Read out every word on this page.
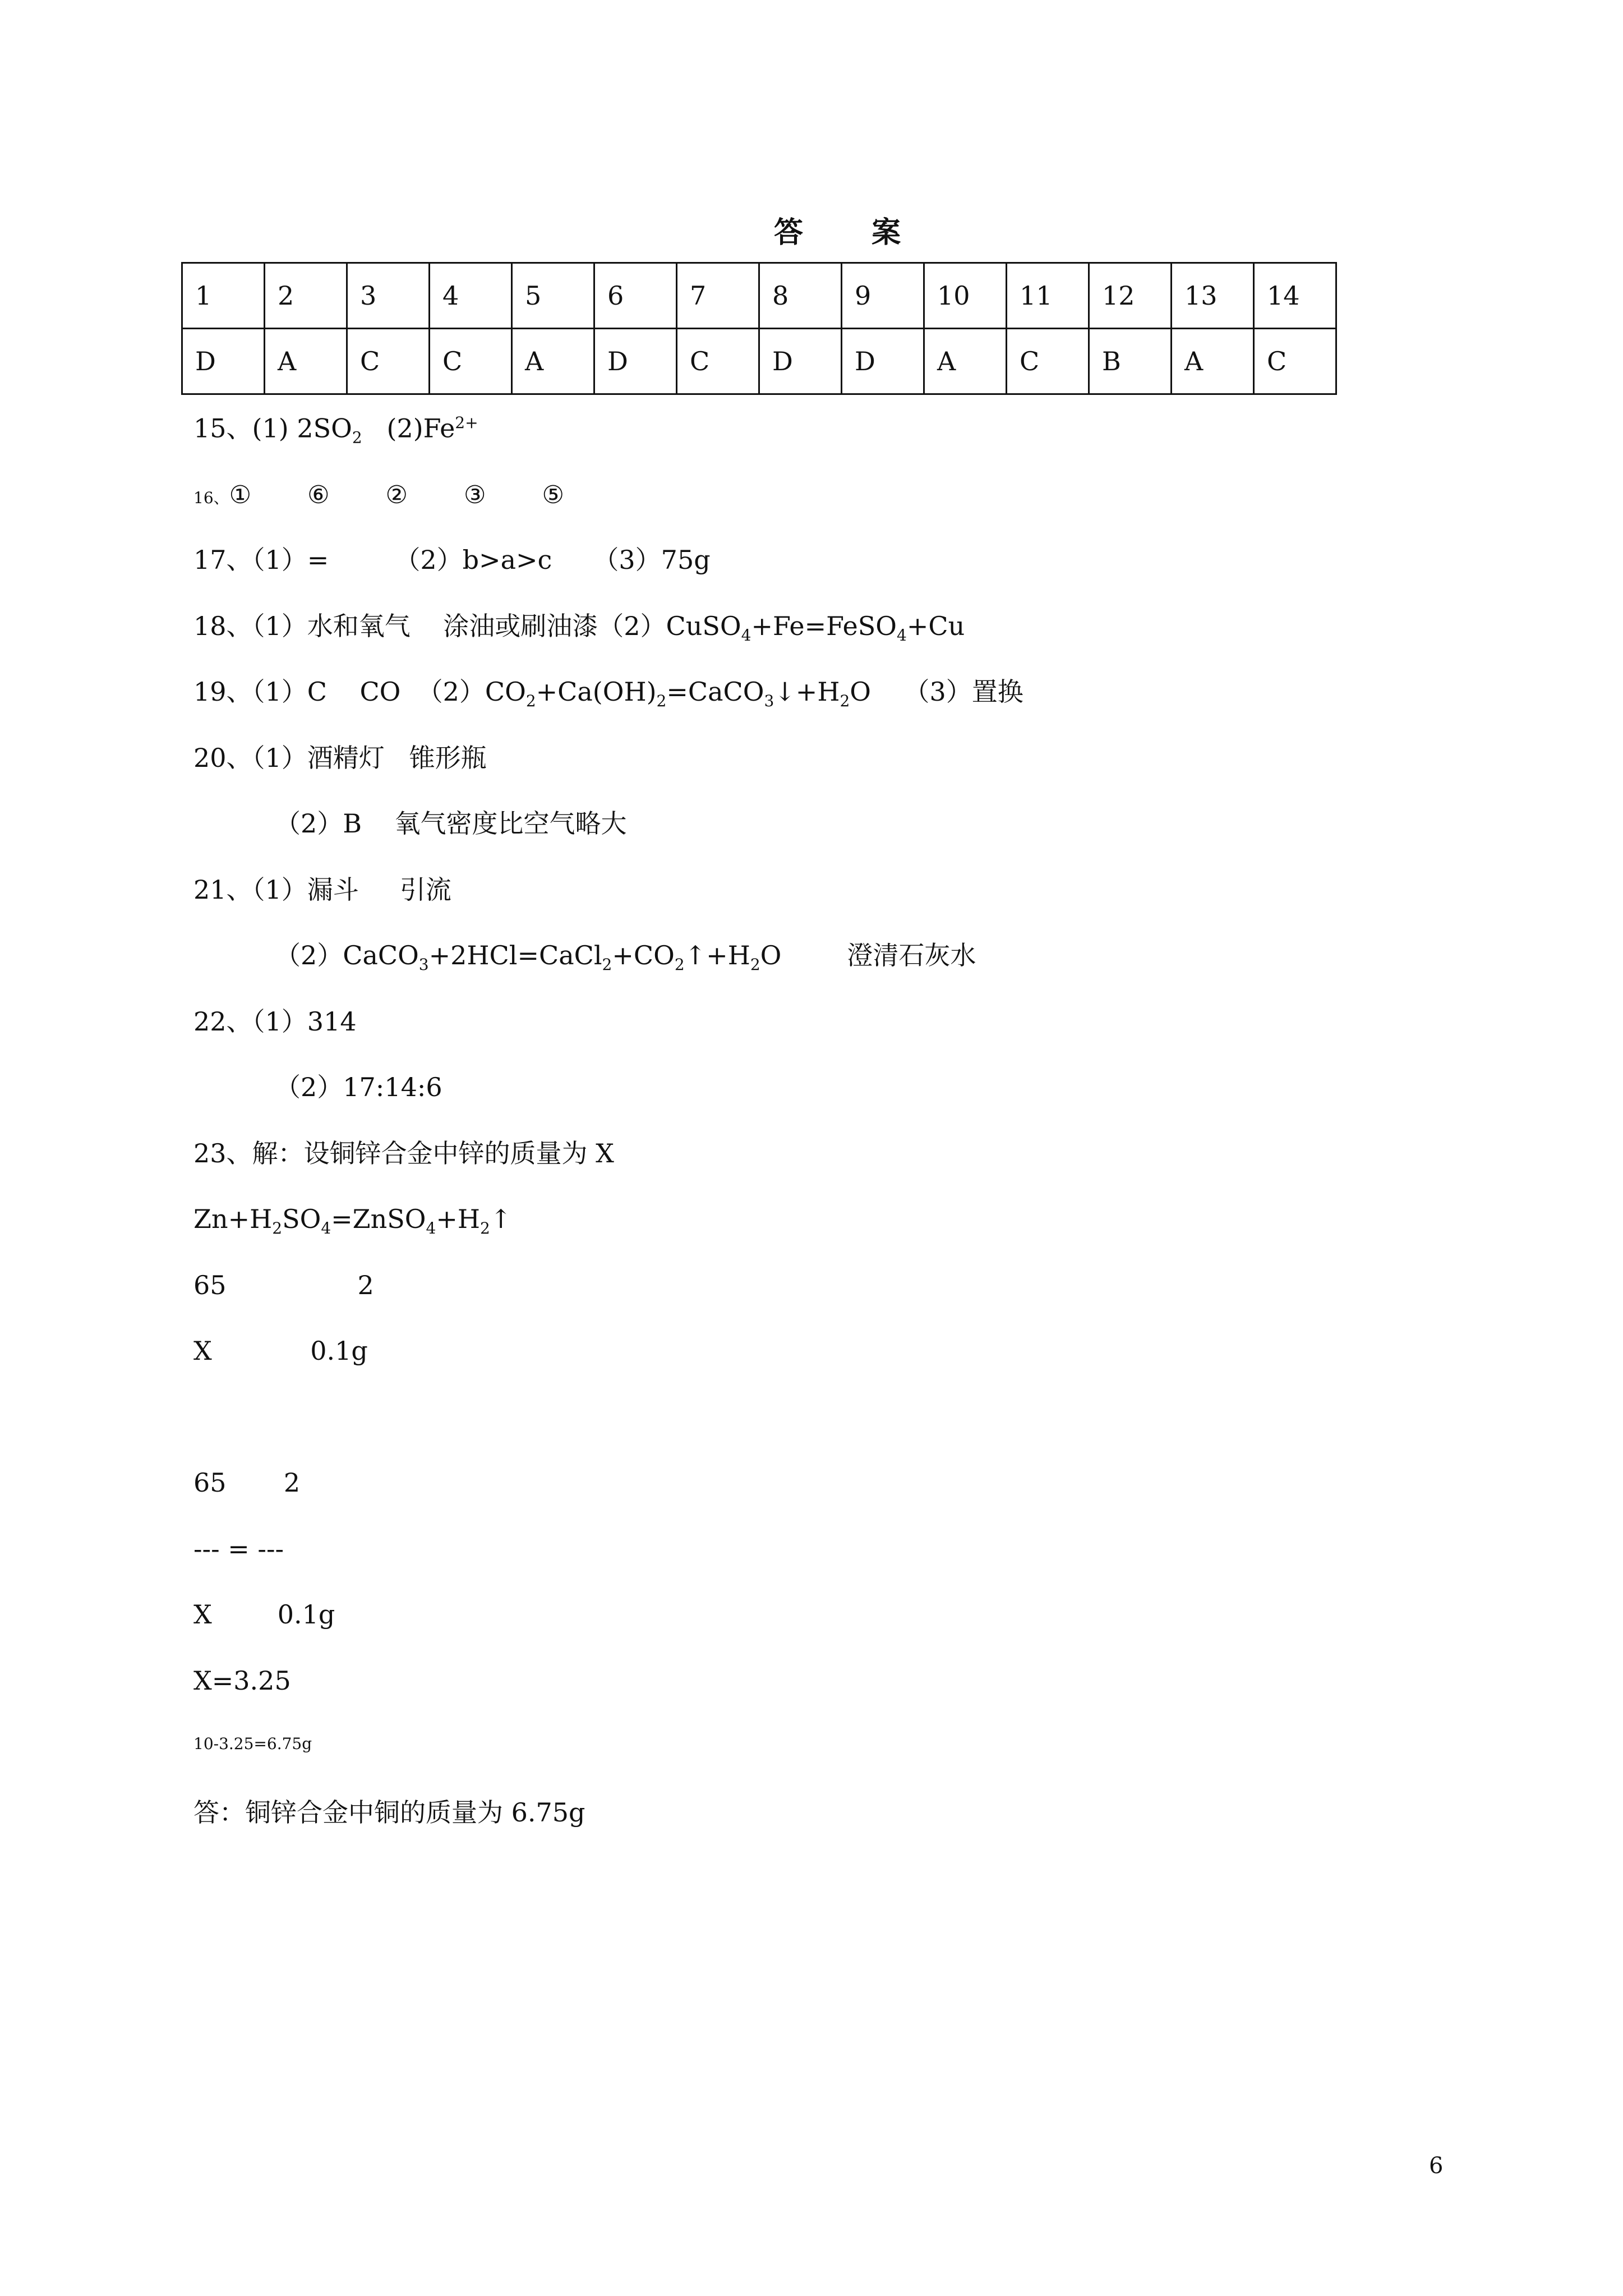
答 案
1	2	3	4	5	6	7	8	9	10	11	12	13	14
D	A	C	C	A	D	C	D	D	A	C	B	A	C
15、(1) $2SO_2$   $(2)Fe^{2+}$
16、① ⑥ ② ③ ⑤
17、（1）=        （2）b>a>c     （3）75g
18、（1）水和氧气    涂油或刷油漆（2）CuSO$_4$+Fe=FeSO$_4$+Cu
19、（1）C    CO  $(2)CO_2+Ca(OH)_2=CaCO_3↓+H_2O$    （3）置换
20、（1）酒精灯   锥形瓶
（2）B    氧气密度比空气略大
21、（1）漏斗     引流
$(2)CaCO_3+2HCl=CaCl_2+CO_2↑+H_2O$        澄清石灰水
22、（1）314
（2）17:14:6
23、解：设铜锌合金中锌的质量为 X
$Zn+H_2SO_4=ZnSO_4+H_2↑$
65                2
X            0.1g
65       2
--- = ---
X        0.1g
X=3.25
10-3.25=6.75g
答：铜锌合金中铜的质量为 6.75g
6
